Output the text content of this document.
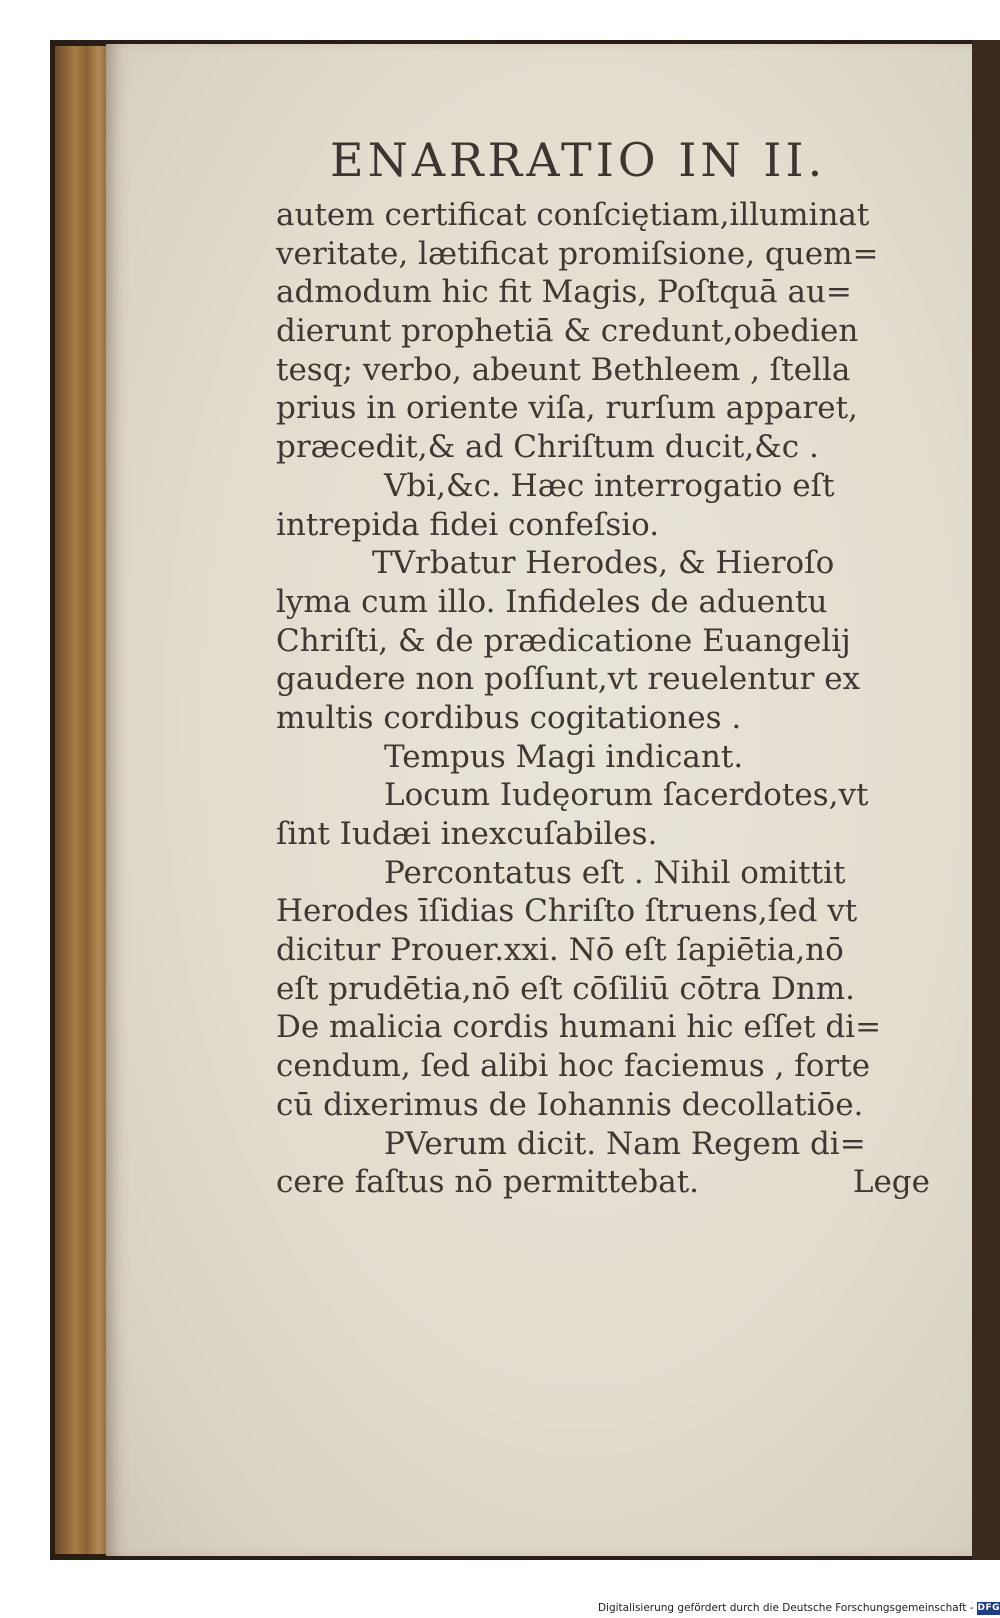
ENARRATIO IN II.
autem certificat conſciętiam,illuminat
veritate, lætificat promiſsione, quem=
admodum hic fit Magis, Poſtquā au=
dierunt prophetiā & credunt,obedien
tesq; verbo, abeunt Bethleem , ſtella
prius in oriente viſa, rurſum apparet,
præcedit,& ad Chriſtum ducit,&c .
Vbi,&c. Hæc interrogatio eſt
intrepida fidei confeſsio.
TVrbatur Herodes, & Hieroſo
lyma cum illo. Infideles de aduentu
Chriſti, & de prædicatione Euangelij
gaudere non poſſunt,vt reuelentur ex
multis cordibus cogitationes .
Tempus Magi indicant.
Locum Iudęorum ſacerdotes,vt
ſint Iudæi inexcuſabiles.
Percontatus eſt . Nihil omittit
Herodes īſidias Chriſto ſtruens,ſed vt
dicitur Prouer.xxi. Nō eſt ſapiētia,nō
eſt prudētia,nō eſt cōſiliū cōtra Dnm.
De malicia cordis humani hic eſſet di=
cendum, ſed alibi hoc faciemus , forte
cū dixerimus de Iohannis decollatiōe.
PVerum dicit. Nam Regem di=
cere faſtus nō permittebat.	Lege
Digitalisierung gefördert durch die Deutsche Forschungsgemeinschaft - DFG
